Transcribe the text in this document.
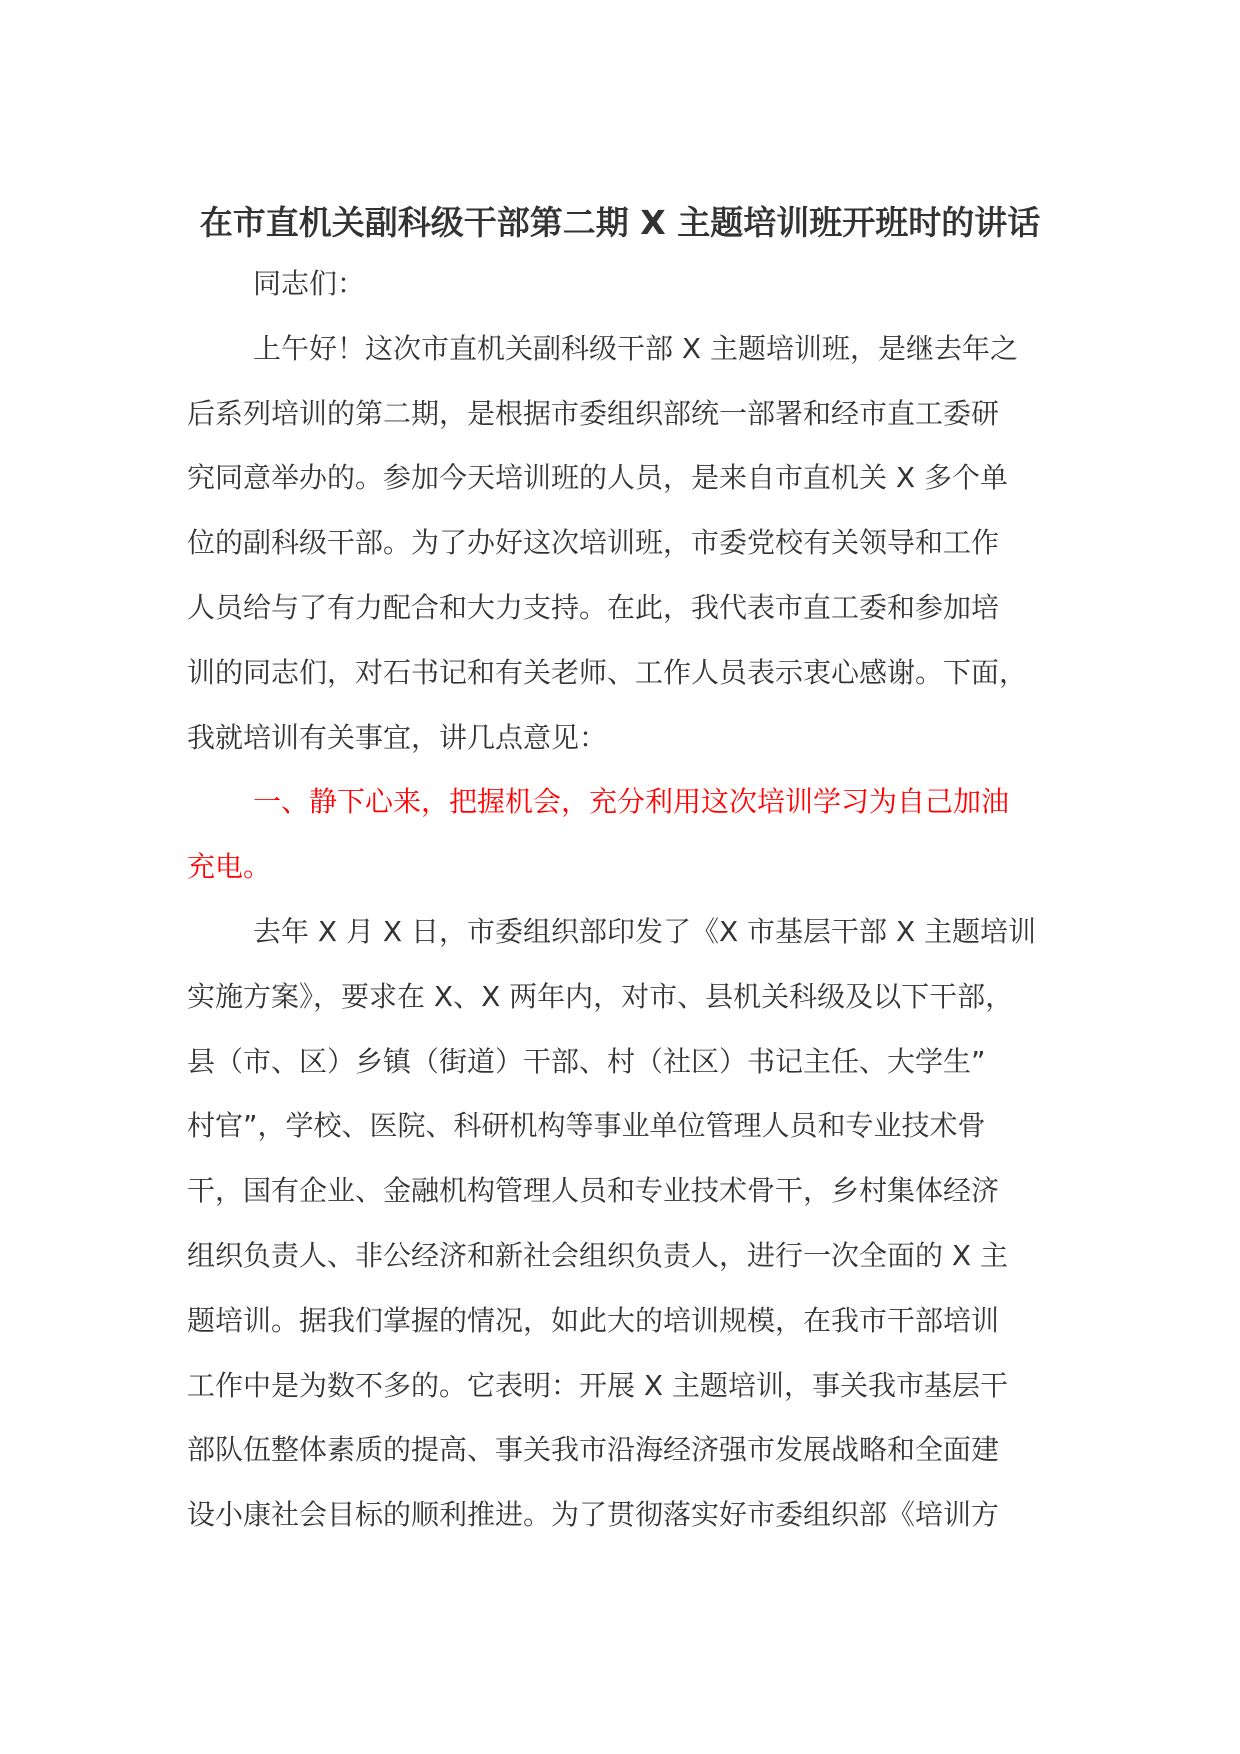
在市直机关副科级干部第二期 X 主题培训班开班时的讲话
同志们：
上午好！这次市直机关副科级干部 X 主题培训班，是继去年之
后系列培训的第二期，是根据市委组织部统一部署和经市直工委研
究同意举办的。参加今天培训班的人员，是来自市直机关 X 多个单
位的副科级干部。为了办好这次培训班，市委党校有关领导和工作
人员给与了有力配合和大力支持。在此，我代表市直工委和参加培
训的同志们，对石书记和有关老师、工作人员表示衷心感谢。下面，
我就培训有关事宜，讲几点意见：
一、静下心来，把握机会，充分利用这次培训学习为自己加油
充电。
去年 X 月 X 日，市委组织部印发了《X 市基层干部 X 主题培训
实施方案》，要求在 X、X 两年内，对市、县机关科级及以下干部，
县（市、区）乡镇（街道）干部、村（社区）书记主任、大学生”
村官”，学校、医院、科研机构等事业单位管理人员和专业技术骨
干，国有企业、金融机构管理人员和专业技术骨干，乡村集体经济
组织负责人、非公经济和新社会组织负责人，进行一次全面的 X 主
题培训。据我们掌握的情况，如此大的培训规模，在我市干部培训
工作中是为数不多的。它表明：开展 X 主题培训，事关我市基层干
部队伍整体素质的提高、事关我市沿海经济强市发展战略和全面建
设小康社会目标的顺利推进。为了贯彻落实好市委组织部《培训方
